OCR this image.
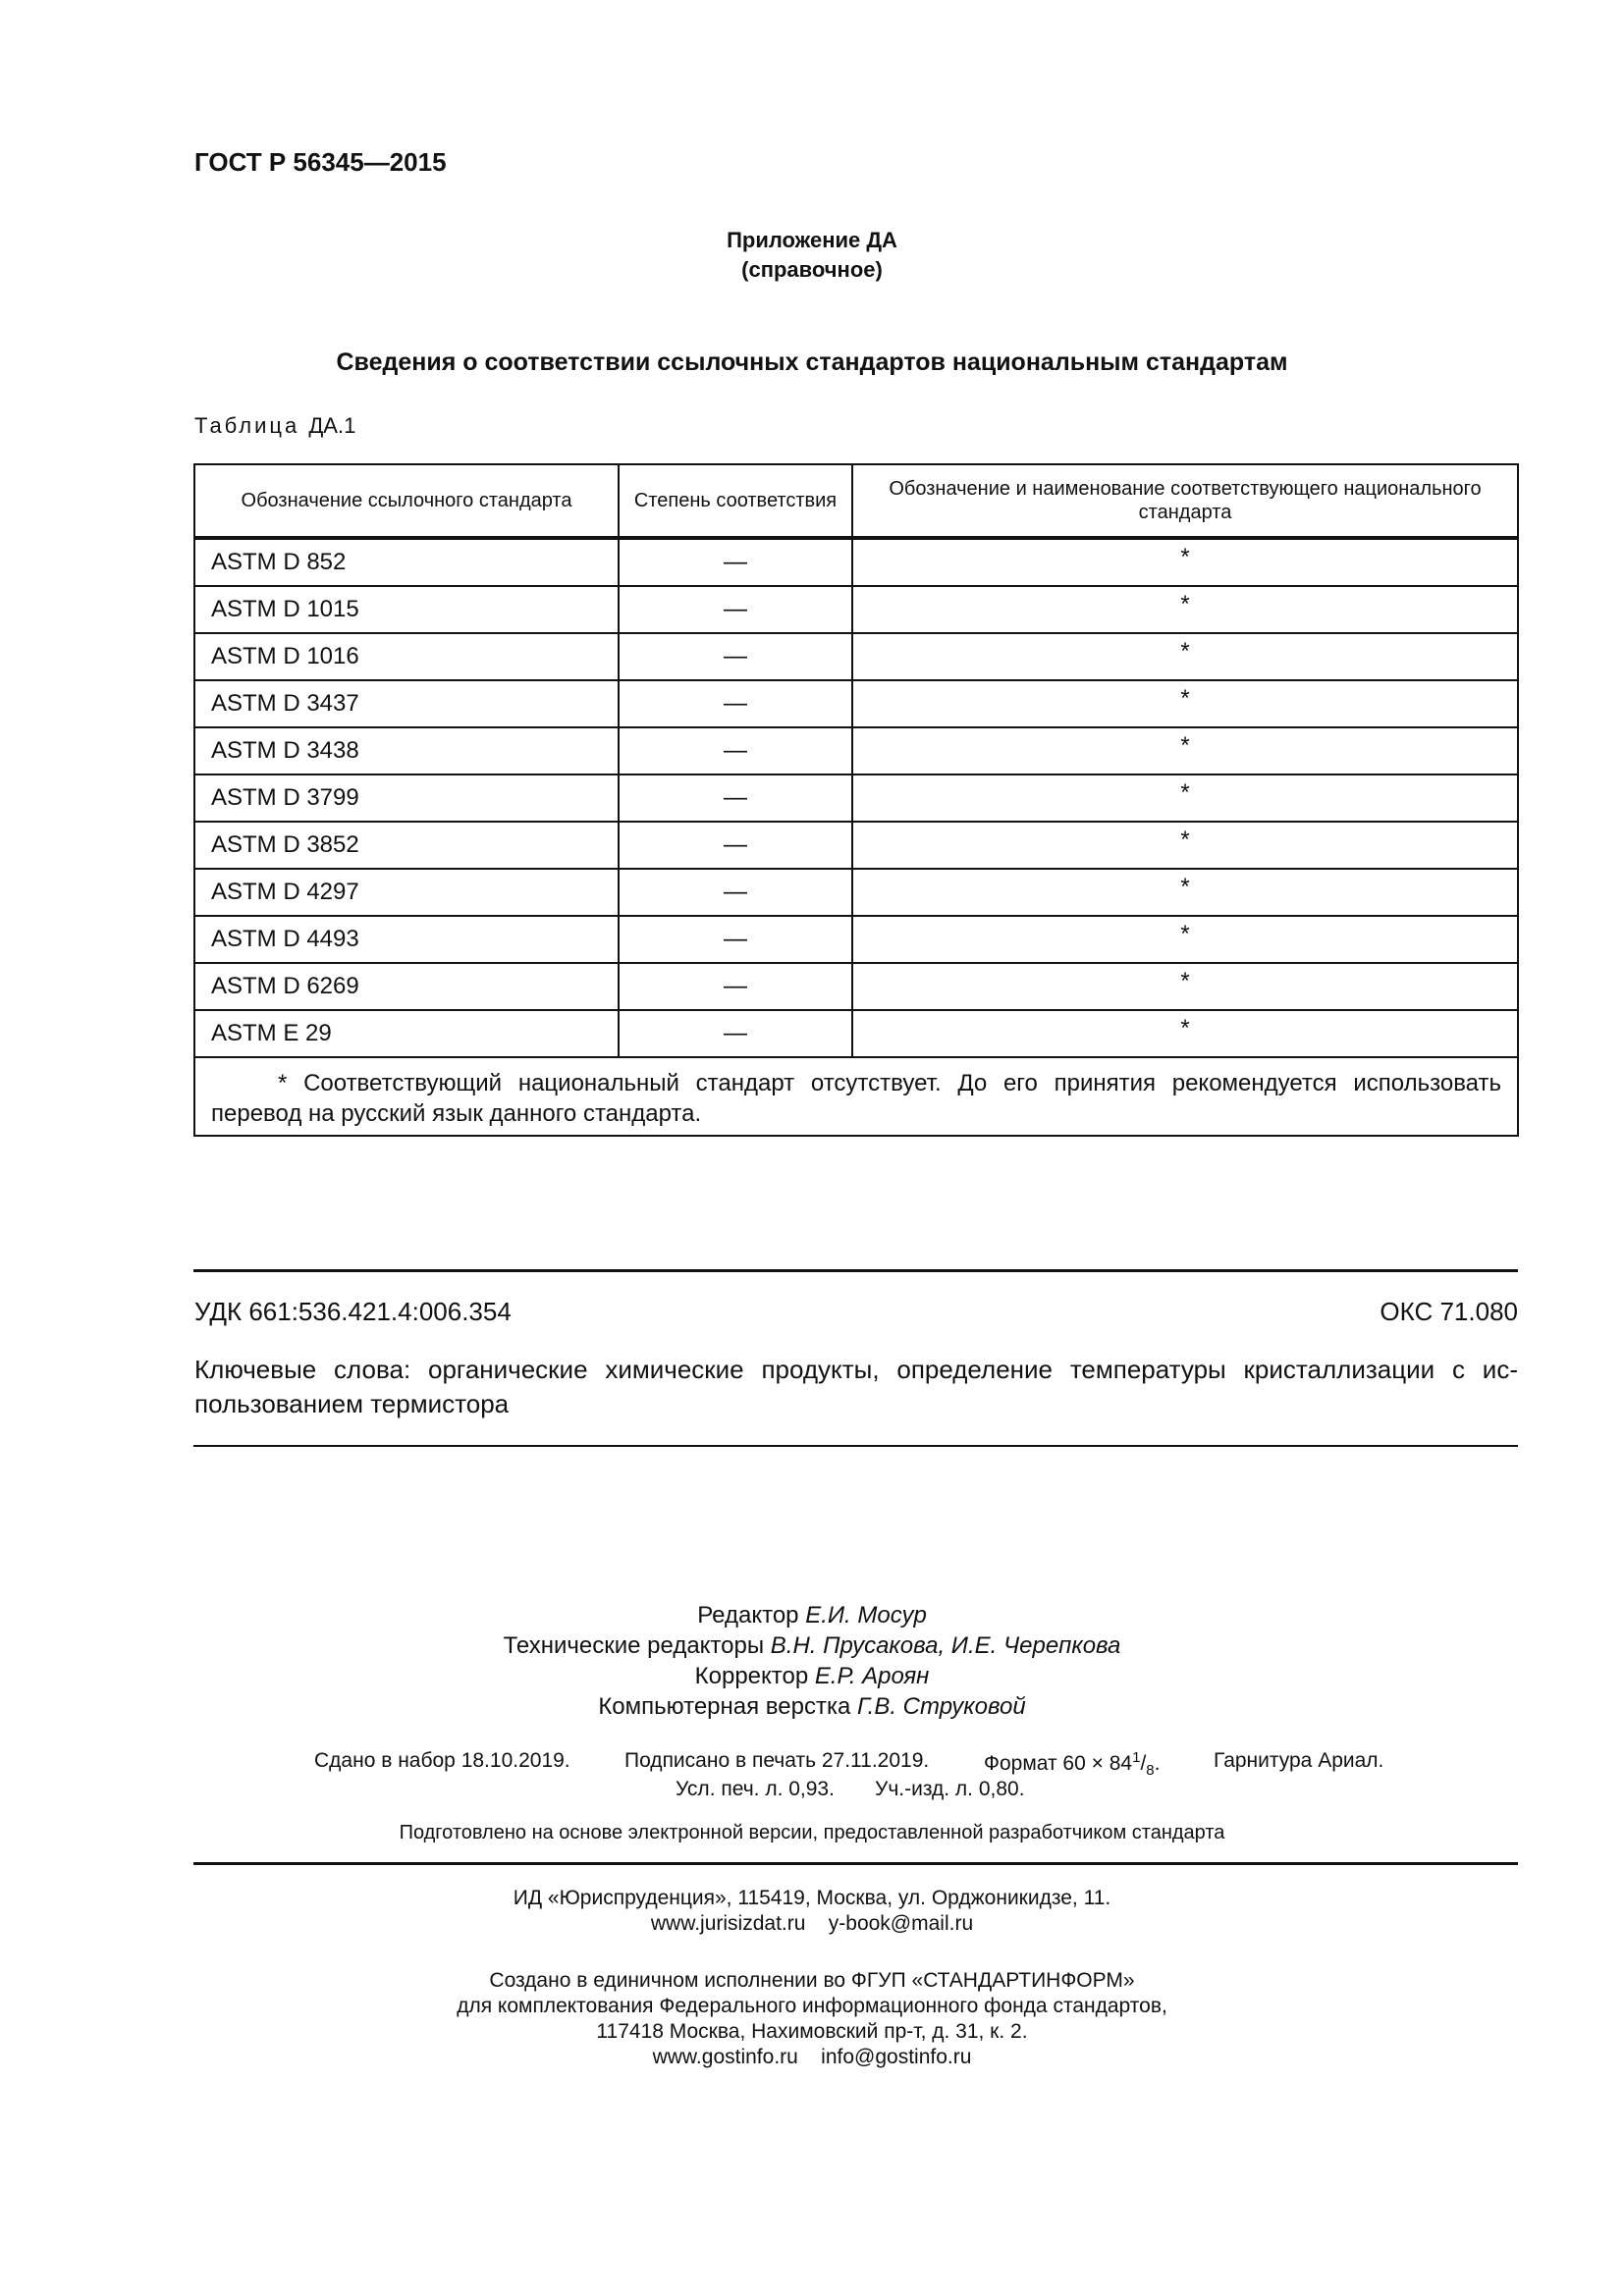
ГОСТ Р 56345—2015
Приложение ДА
(справочное)
Сведения о соответствии ссылочных стандартов национальным стандартам
Таблица ДА.1
Обозначение ссылочного стандарта	Степень соответствия	Обозначение и наименование соответствующего национального стандарта
ASTM D 852	—	*
ASTM D 1015	—	*
ASTM D 1016	—	*
ASTM D 3437	—	*
ASTM D 3438	—	*
ASTM D 3799	—	*
ASTM D 3852	—	*
ASTM D 4297	—	*
ASTM D 4493	—	*
ASTM D 6269	—	*
ASTM E 29	—	*
* Соответствующий национальный стандарт отсутствует. До его принятия рекомендуется использовать перевод на русский язык данного стандарта.		
УДК 661:536.421.4:006.354	ОКС 71.080
Ключевые слова: органические химические продукты, определение температуры кристаллизации с ис-пользованием термистора
Редактор Е.И. Мосур
Технические редакторы В.Н. Прусакова, И.Е. Черепкова
Корректор Е.Р. Ароян
Компьютерная верстка Г.В. Струковой
Сдано в набор 18.10.2019.	Подписано в печать 27.11.2019.	Формат $60 \times 84^1/_8$.	Гарнитура Ариал.
Усл. печ. л. 0,93. Уч.-изд. л. 0,80.
Подготовлено на основе электронной версии, предоставленной разработчиком стандарта
ИД «Юриспруденция», 115419, Москва, ул. Орджоникидзе, 11.
www.jurisizdat.ru y-book@mail.ru
Создано в единичном исполнении во ФГУП «СТАНДАРТИНФОРМ»
для комплектования Федерального информационного фонда стандартов,
117418 Москва, Нахимовский пр-т, д. 31, к. 2.
www.gostinfo.ru info@gostinfo.ru
